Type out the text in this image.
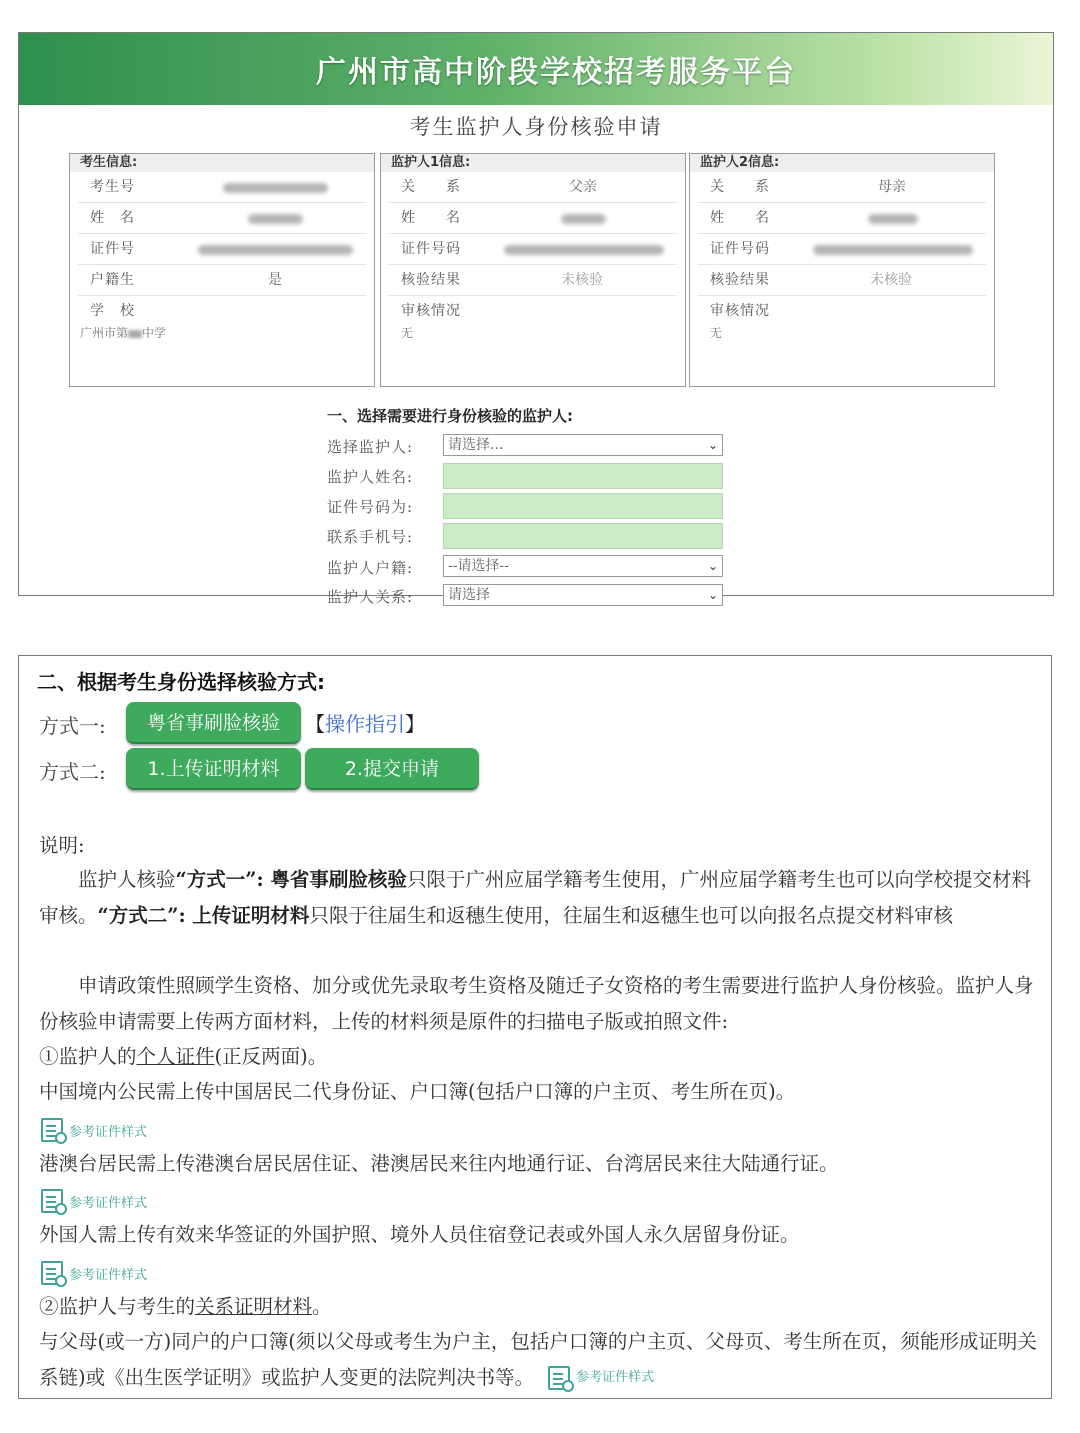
广州市高中阶段学校招考服务平台
考生监护人身份核验申请
考生信息:
考生号
姓　名
证件号
户籍生	是
学　校
广州市第 中学
监护人1信息:
关　　系	父亲
姓　　名
证件号码
核验结果	未核验
审核情况
无
监护人2信息:
关　　系	母亲
姓　　名
证件号码
核验结果	未核验
审核情况
无
一、选择需要进行身份核验的监护人:
选择监护人:	请选择...	⌄
监护人姓名:
证件号码为:
联系手机号:
监护人户籍:	--请选择--	⌄
监护人关系:	请选择	⌄
二、根据考生身份选择核验方式:
方式一:	粤省事刷脸核验	【操作指引】
方式二:	1.上传证明材料	2.提交申请
说明:
　　监护人核验“方式一”: 粤省事刷脸核验只限于广州应届学籍考生使用，广州应届学籍考生也可以向学校提交材料审核。“方式二”: 上传证明材料只限于往届生和返穗生使用，往届生和返穗生也可以向报名点提交材料审核
　　申请政策性照顾学生资格、加分或优先录取考生资格及随迁子女资格的考生需要进行监护人身份核验。监护人身份核验申请需要上传两方面材料，上传的材料须是原件的扫描电子版或拍照文件:
①监护人的个人证件(正反两面)。
中国境内公民需上传中国居民二代身份证、户口簿(包括户口簿的户主页、考生所在页)。
参考证件样式
港澳台居民需上传港澳台居民居住证、港澳居民来往内地通行证、台湾居民来往大陆通行证。
参考证件样式
外国人需上传有效来华签证的外国护照、境外人员住宿登记表或外国人永久居留身份证。
参考证件样式
②监护人与考生的关系证明材料。
与父母(或一方)同户的户口簿(须以父母或考生为户主，包括户口簿的户主页、父母页、考生所在页，须能形成证明关系链)或《出生医学证明》或监护人变更的法院判决书等。	参考证件样式
